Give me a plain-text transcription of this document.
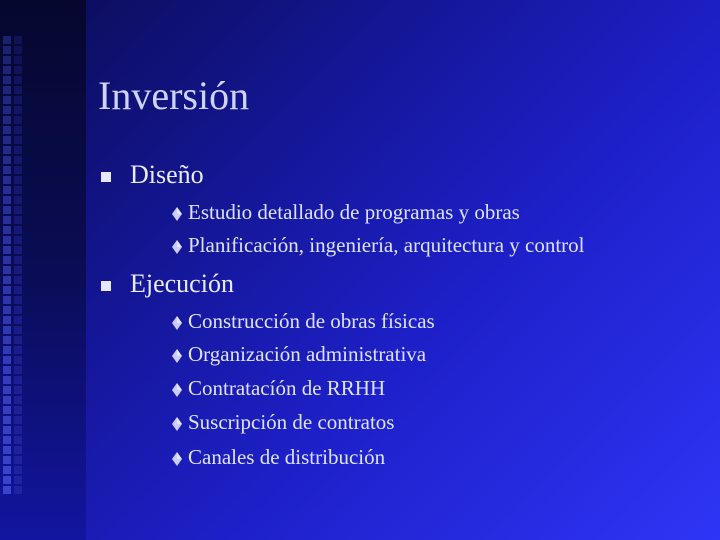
Inversión
Diseño
Estudio detallado de programas y obras
Planificación, ingeniería, arquitectura y control
Ejecución
Construcción de obras físicas
Organización administrativa
Contratacíón de RRHH
Suscripción de contratos
Canales de distribución
